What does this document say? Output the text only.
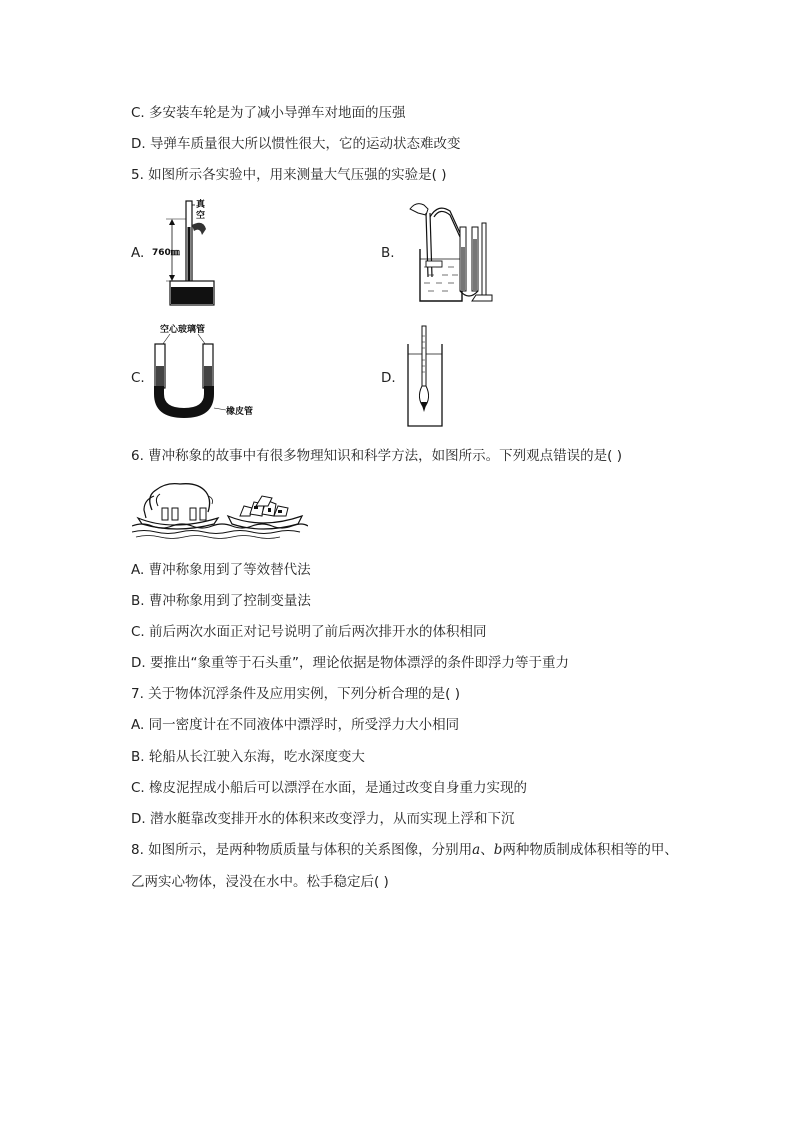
C. 多安装车轮是为了减小导弹车对地面的压强
D. 导弹车质量很大所以惯性很大，它的运动状态难改变
5. 如图所示各实验中，用来测量大气压强的实验是( )
A.	B.
C.	D.
真
空
760㎜
空心玻璃管
橡皮管
6. 曹冲称象的故事中有很多物理知识和科学方法，如图所示。下列观点错误的是( )
A. 曹冲称象用到了等效替代法
B. 曹冲称象用到了控制变量法
C. 前后两次水面正对记号说明了前后两次排开水的体积相同
D. 要推出“象重等于石头重”，理论依据是物体漂浮的条件即浮力等于重力
7. 关于物体沉浮条件及应用实例，下列分析合理的是( )
A. 同一密度计在不同液体中漂浮时，所受浮力大小相同
B. 轮船从长江驶入东海，吃水深度变大
C. 橡皮泥捏成小船后可以漂浮在水面，是通过改变自身重力实现的
D. 潜水艇靠改变排开水的体积来改变浮力，从而实现上浮和下沉
8. 如图所示，是两种物质质量与体积的关系图像，分别用a、b两种物质制成体积相等的甲、
乙两实心物体，浸没在水中。松手稳定后( )
